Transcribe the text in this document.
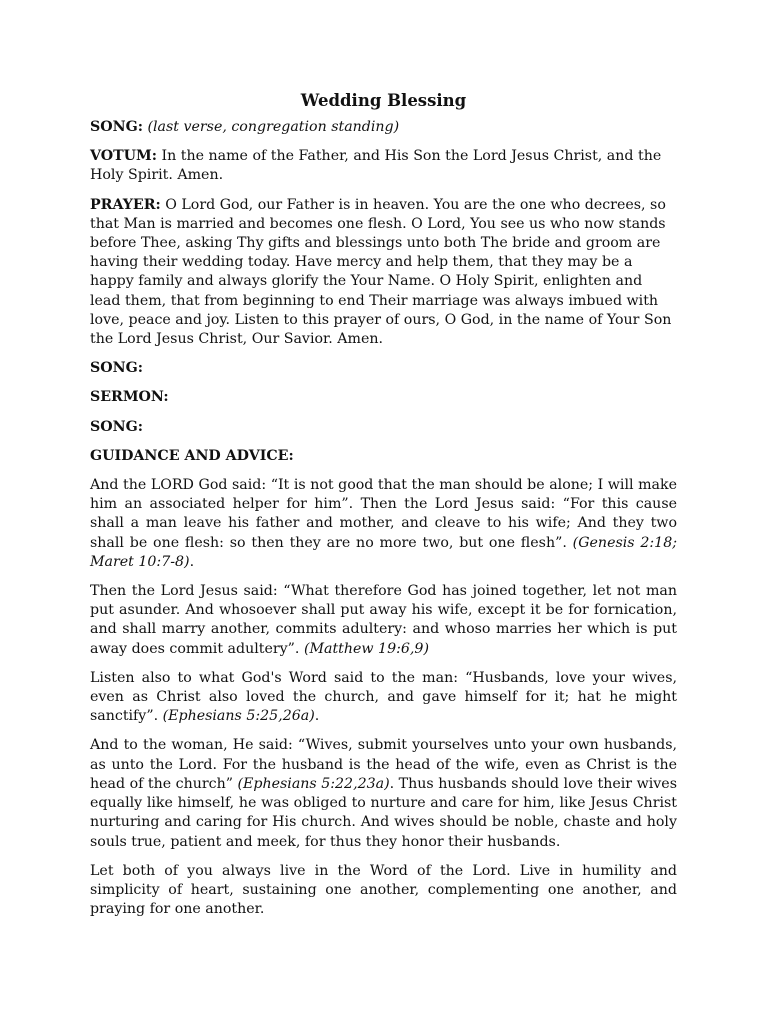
Wedding Blessing

SONG: (last verse, congregation standing)

VOTUM: In the name of the Father, and His Son the Lord Jesus Christ, and the Holy Spirit. Amen.

PRAYER: O Lord God, our Father is in heaven. You are the one who decrees, so that Man is married and becomes one flesh. O Lord, You see us who now stands before Thee, asking Thy gifts and blessings unto both The bride and groom are having their wedding today. Have mercy and help them, that they may be a happy family and always glorify the Your Name. O Holy Spirit, enlighten and lead them, that from beginning to end Their marriage was always imbued with love, peace and joy. Listen to this prayer of ours, O God, in the name of Your Son the Lord Jesus Christ, Our Savior. Amen.

SONG:

SERMON:

SONG:

GUIDANCE AND ADVICE:

And the LORD God said: “It is not good that the man should be alone; I will make him an associated helper for him”. Then the Lord Jesus said: “For this cause shall a man leave his father and mother, and cleave to his wife; And they two shall be one flesh: so then they are no more two, but one flesh”. (Genesis 2:18; Maret 10:7-8).

Then the Lord Jesus said: “What therefore God has joined together, let not man put asunder. And whosoever shall put away his wife, except it be for fornication, and shall marry another, commits adultery: and whoso marries her which is put away does commit adultery”. (Matthew 19:6,9)

Listen also to what God's Word said to the man: “Husbands, love your wives, even as Christ also loved the church, and gave himself for it; hat he might sanctify”. (Ephesians 5:25,26a).

And to the woman, He said: “Wives, submit yourselves unto your own husbands, as unto the Lord. For the husband is the head of the wife, even as Christ is the head of the church” (Ephesians 5:22,23a). Thus husbands should love their wives equally like himself, he was obliged to nurture and care for him, like Jesus Christ nurturing and caring for His church. And wives should be noble, chaste and holy souls true, patient and meek, for thus they honor their husbands.

Let both of you always live in the Word of the Lord. Live in humility and simplicity of heart, sustaining one another, complementing one another, and praying for one another.
